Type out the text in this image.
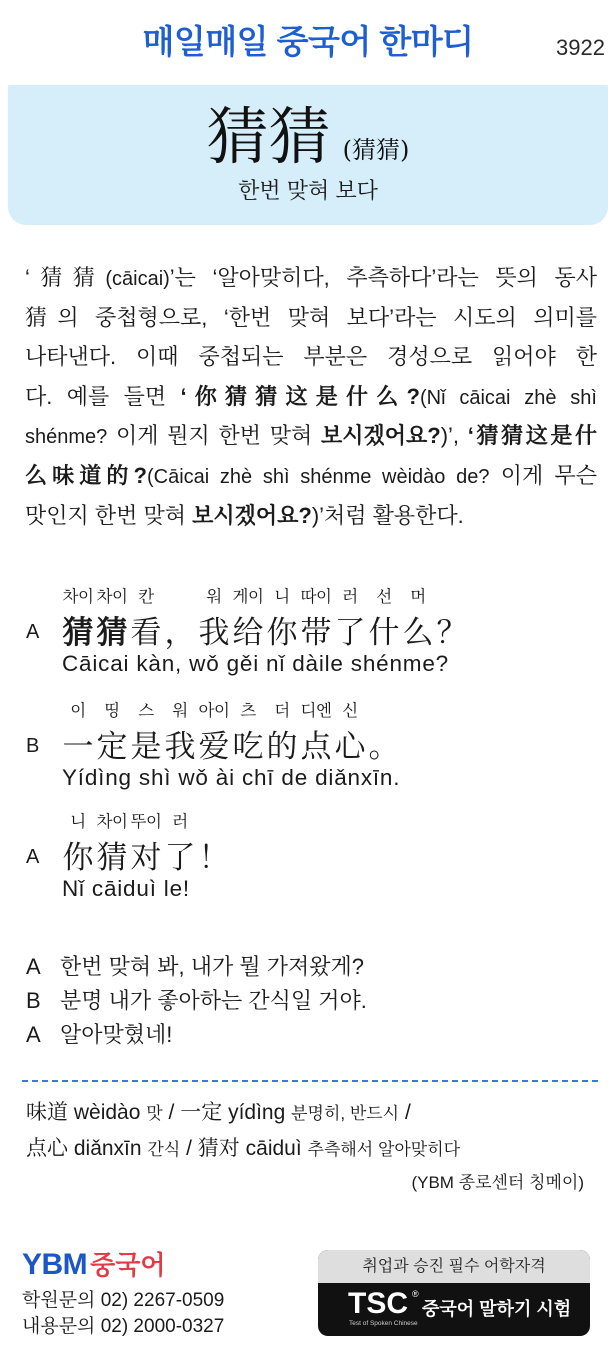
매일매일 중국어 한마디	3922
猜猜 (猜猜)
한번 맞혀 보다
‘猜猜(cāicai)’는 ‘알아맞히다, 추측하다’라는 뜻의 동사
猜의 중첩형으로, ‘한번 맞혀 보다’라는 시도의 의미를
나타낸다. 이때 중첩되는 부분은 경성으로 읽어야 한
다. 예를 들면 ‘你猜猜这是什么?(Nǐ cāicai zhè shì
shénme? 이게 뭔지 한번 맞혀 보시겠어요?)’, ‘猜猜这是什
么味道的?(Cāicai zhè shì shénme wèidào de? 이게 무슨
맛인지 한번 맞혀 보시겠어요?)’처럼 활용한다.
A
차이
猜
차이
猜
칸
看 ，
워
我
게이
给
니
你
따이
带
러
了
선
什
머
么 ？
Cāicai kàn, wǒ gěi nǐ dàile shénme?
B
이
一
띵
定
스
是
워
我
아이
爱
츠
吃
더
的
디엔
点
신
心 。
Yídìng shì wǒ ài chī de diǎnxīn.
A
니
你
차이
猜
뚜이
对
러
了 ！
Nǐ cāiduì le!
A 한번 맞혀 봐, 내가 뭘 가져왔게?
B 분명 내가 좋아하는 간식일 거야.
A 알아맞혔네!
味道 wèidào 맛 / 一定 yídìng 분명히, 반드시 /
点心 diǎnxīn 간식 / 猜对 cāiduì 추측해서 알아맞히다
(YBM 종로센터 칭메이)
YBM 중국어
학원문의 02) 2267-0509
내용문의 02) 2000-0327
취업과 승진 필수 어학자격
TSC ®
Test of Spoken Chinese
중국어 말하기 시험
